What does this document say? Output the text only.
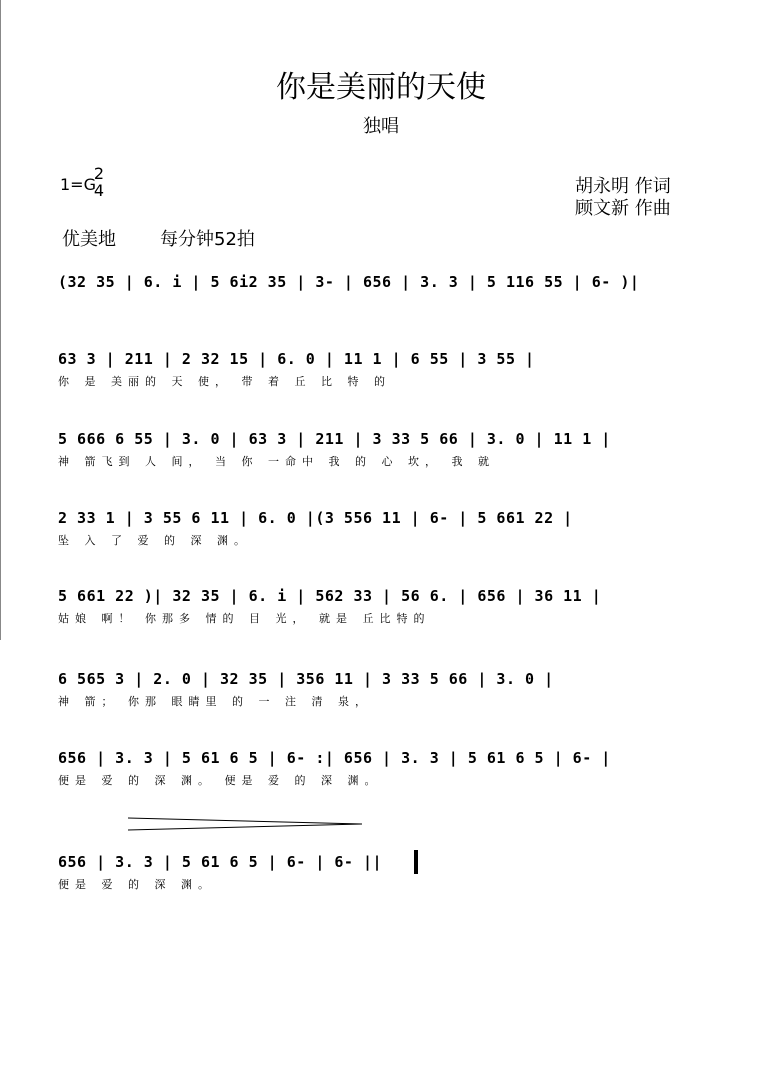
你是美丽的天使
独唱
1=G
2
4	胡永明 作词
顾文新 作曲
优美地 每分钟52拍
(32 35 | 6. i | 5 6i2 35 | 3- | 656 | 3. 3 | 5 116 55 | 6- )|
63 3 | 211 | 2 32 15 | 6. 0 | 11 1 | 6 55 | 3 55 |
你 是 美丽的 天 使， 带 着 丘 比 特 的
5 666 6 55 | 3. 0 | 63 3 | 211 | 3 33 5 66 | 3. 0 | 11 1 |
神 箭飞到 人 间， 当 你 一命中 我 的 心 坎， 我 就
2 33 1 | 3 55 6 11 | 6. 0 |(3 556 11 | 6- | 5 661 22 |
坠 入 了 爱 的 深 渊。
5 661 22 )| 32 35 | 6. i | 562 33 | 56 6. | 656 | 36 11 |
姑娘 啊！ 你那多 情的 目 光， 就是 丘比特的
6 565 3 | 2. 0 | 32 35 | 356 11 | 3 33 5 66 | 3. 0 |
神 箭； 你那 眼睛里 的 一 注 清 泉，
656 | 3. 3 | 5 61 6 5 | 6- :| 656 | 3. 3 | 5 61 6 5 | 6- |
便是 爱 的 深 渊。 便是 爱 的 深 渊。
656 | 3. 3 | 5 61 6 5 | 6- | 6- ||
便是 爱 的 深 渊。
